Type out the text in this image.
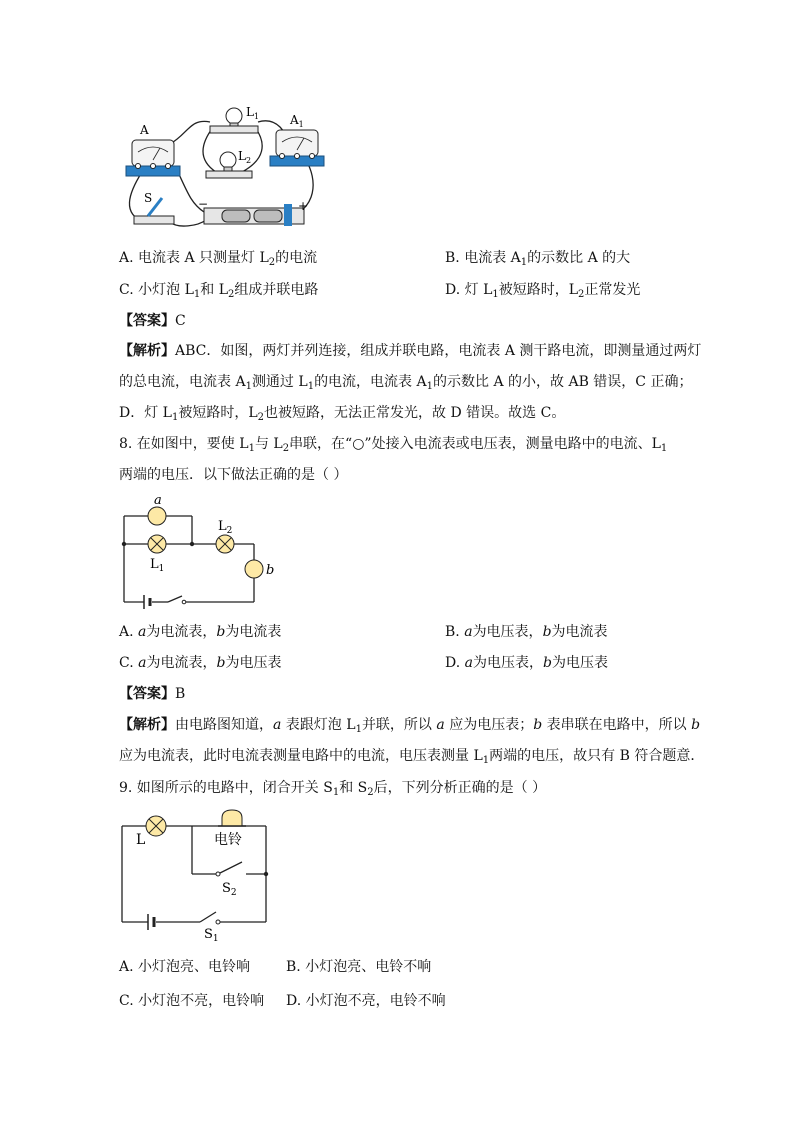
A
$A_1$
$L_1$
$L_2$
S	−	+
A. 电流表 A 只测量灯 $L_2$的电流	B. 电流表 $A_1$的示数比 A 的大
C. 小灯泡 $L_1$和 $L_2$组成并联电路	D. 灯 $L_1$被短路时，$L_2$正常发光
【答案】C
【解析】ABC．如图，两灯并列连接，组成并联电路，电流表 A 测干路电流，即测量通过两灯
的总电流，电流表 $A_1$测通过 $L_1$的电流，电流表 $A_1$的示数比 A 的小，故 AB 错误，C 正确；
D．灯 $L_1$被短路时，$L_2$也被短路，无法正常发光，故 D 错误。故选 C。
8. 在如图中，要使 $L_1$与 $L_2$串联，在“○”处接入电流表或电压表，测量电路中的电流、$L_1$
两端的电压．以下做法正确的是（ ）
a
b
$L_1$
$L_2$
A. a为电流表，b为电流表	B. a为电压表，b为电流表
C. a为电流表，b为电压表	D. a为电压表，b为电压表
【答案】B
【解析】由电路图知道，a 表跟灯泡 $L_1$并联，所以 a 应为电压表；b 表串联在电路中，所以 b
应为电流表，此时电流表测量电路中的电流，电压表测量 $L_1$两端的电压，故只有 B 符合题意．
9. 如图所示的电路中，闭合开关 $S_1$和 $S_2$后，下列分析正确的是（ ）
L	电铃
$S_2$
$S_1$
A. 小灯泡亮、电铃响	B. 小灯泡亮、电铃不响
C. 小灯泡不亮，电铃响 D. 小灯泡不亮，电铃不响
